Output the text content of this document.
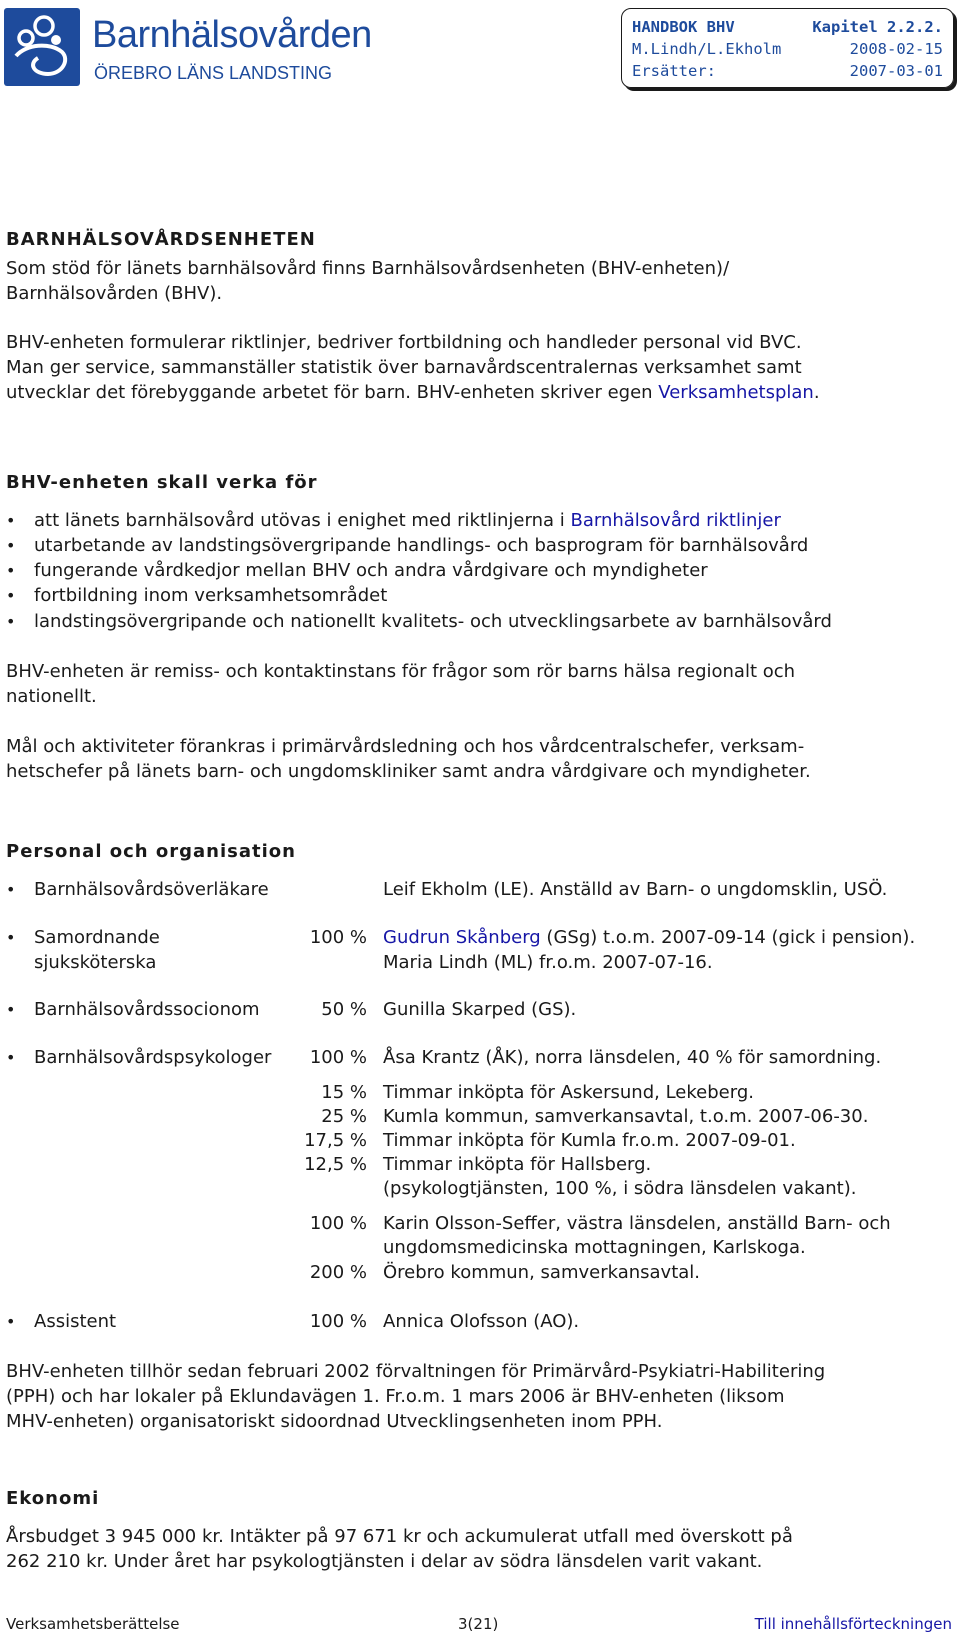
Barnhälsovården
ÖREBRO LÄNS LANDSTING
HANDBOK BHV	Kapitel 2.2.2.
M.Lindh/L.Ekholm	2008-02-15
Ersätter:	2007-03-01
BARNHÄLSOVÅRDSENHETEN
Som stöd för länets barnhälsovård finns Barnhälsovårdsenheten (BHV-enheten)/
Barnhälsovården (BHV).
BHV-enheten formulerar riktlinjer, bedriver fortbildning och handleder personal vid BVC.
Man ger service, sammanställer statistik över barnavårdscentralernas verksamhet samt
utvecklar det förebyggande arbetet för barn. BHV-enheten skriver egen Verksamhetsplan.
BHV-enheten skall verka för
• att länets barnhälsovård utövas i enighet med riktlinjerna i Barnhälsovård riktlinjer
• utarbetande av landstingsövergripande handlings- och basprogram för barnhälsovård
• fungerande vårdkedjor mellan BHV och andra vårdgivare och myndigheter
• fortbildning inom verksamhetsområdet
• landstingsövergripande och nationellt kvalitets- och utvecklingsarbete av barnhälsovård
BHV-enheten är remiss- och kontaktinstans för frågor som rör barns hälsa regionalt och
nationellt.
Mål och aktiviteter förankras i primärvårdsledning och hos vårdcentralschefer, verksam-
hetschefer på länets barn- och ungdomskliniker samt andra vårdgivare och myndigheter.
Personal och organisation
• Barnhälsovårdsöverläkare	Leif Ekholm (LE). Anställd av Barn- o ungdomsklin, USÖ.
• Samordnande	100 % Gudrun Skånberg (GSg) t.o.m. 2007-09-14 (gick i pension).
sjuksköterska	Maria Lindh (ML) fr.o.m. 2007-07-16.
• Barnhälsovårdssocionom	50 % Gunilla Skarped (GS).
• Barnhälsovårdspsykologer 100 % Åsa Krantz (ÅK), norra länsdelen, 40 % för samordning.
15 % Timmar inköpta för Askersund, Lekeberg.
25 % Kumla kommun, samverkansavtal, t.o.m. 2007-06-30.
17,5 % Timmar inköpta för Kumla fr.o.m. 2007-09-01.
12,5 % Timmar inköpta för Hallsberg.
(psykologtjänsten, 100 %, i södra länsdelen vakant).
100 % Karin Olsson-Seffer, västra länsdelen, anställd Barn- och
ungdomsmedicinska mottagningen, Karlskoga.
200 % Örebro kommun, samverkansavtal.
• Assistent	100 % Annica Olofsson (AO).
BHV-enheten tillhör sedan februari 2002 förvaltningen för Primärvård-Psykiatri-Habilitering
(PPH) och har lokaler på Eklundavägen 1. Fr.o.m. 1 mars 2006 är BHV-enheten (liksom
MHV-enheten) organisatoriskt sidoordnad Utvecklingsenheten inom PPH.
Ekonomi
Årsbudget 3 945 000 kr. Intäkter på 97 671 kr och ackumulerat utfall med överskott på
262 210 kr. Under året har psykologtjänsten i delar av södra länsdelen varit vakant.
Verksamhetsberättelse	3(21)	Till innehållsförteckningen
